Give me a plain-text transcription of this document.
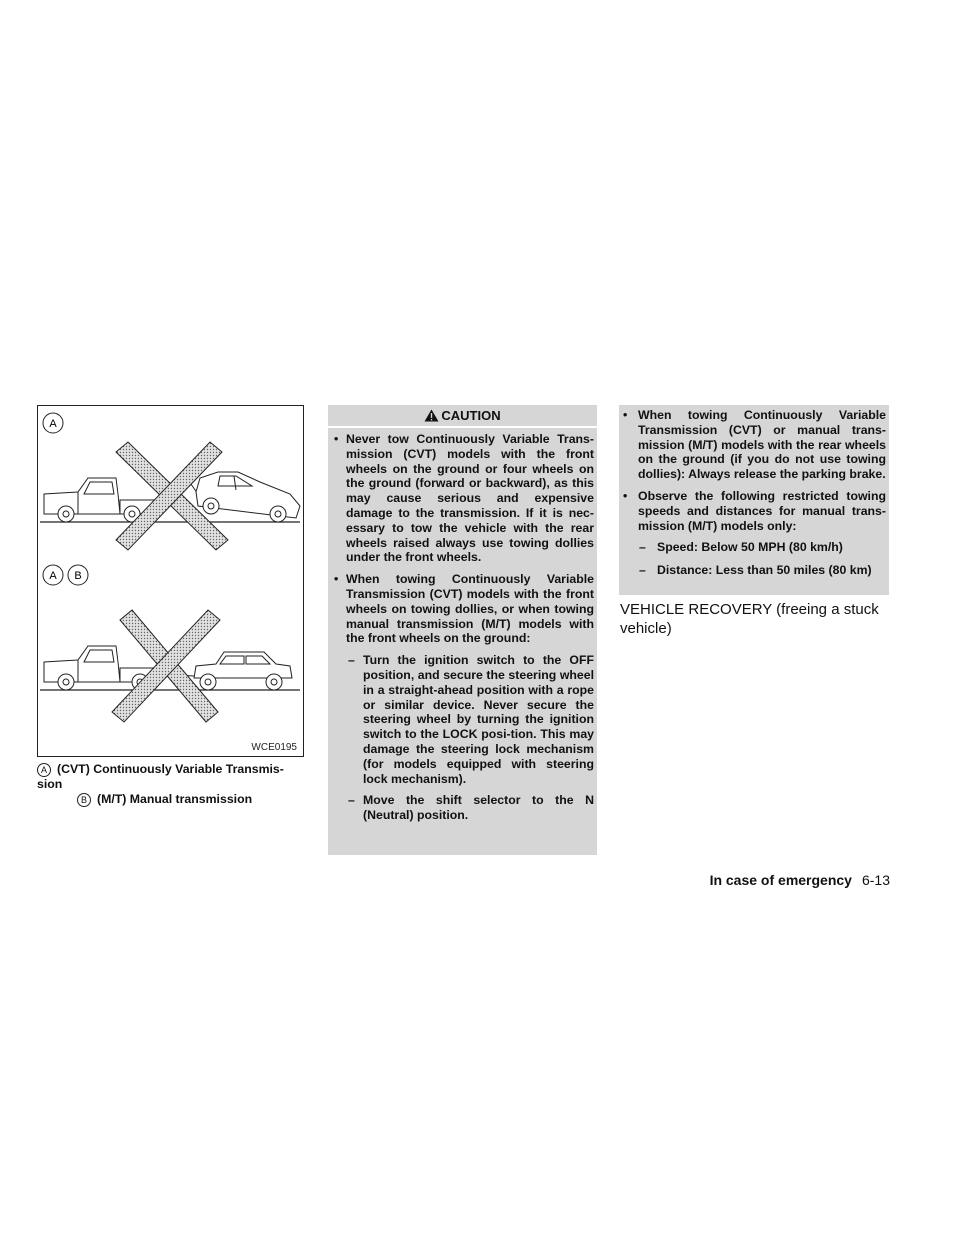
A
A B
WCE0195
A (CVT) Continuously Variable Transmis-sion
B (M/T) Manual transmission
CAUTION
• Never tow Continuously Variable Trans-mission (CVT) models with the front wheels on the ground or four wheels on the ground (forward or backward), as this may cause serious and expensive damage to the transmission. If it is nec-essary to tow the vehicle with the rear wheels raised always use towing dollies under the front wheels.
• When towing Continuously Variable Transmission (CVT) models with the front wheels on towing dollies, or when towing manual transmission (M/T) models with the front wheels on the ground:
– Turn the ignition switch to the OFF position, and secure the steering wheel in a straight-ahead position with a rope or similar device. Never secure the steering wheel by turning the ignition switch to the LOCK posi-tion. This may damage the steering lock mechanism (for models equipped with steering lock mechanism).
– Move the shift selector to the N (Neutral) position.
• When towing Continuously Variable Transmission (CVT) or manual trans-mission (M/T) models with the rear wheels on the ground (if you do not use towing dollies): Always release the parking brake.
• Observe the following restricted towing speeds and distances for manual trans-mission (M/T) models only:
– Speed: Below 50 MPH (80 km/h)
– Distance: Less than 50 miles (80 km)
VEHICLE RECOVERY (freeing a stuck vehicle)
In case of emergency 6-13
